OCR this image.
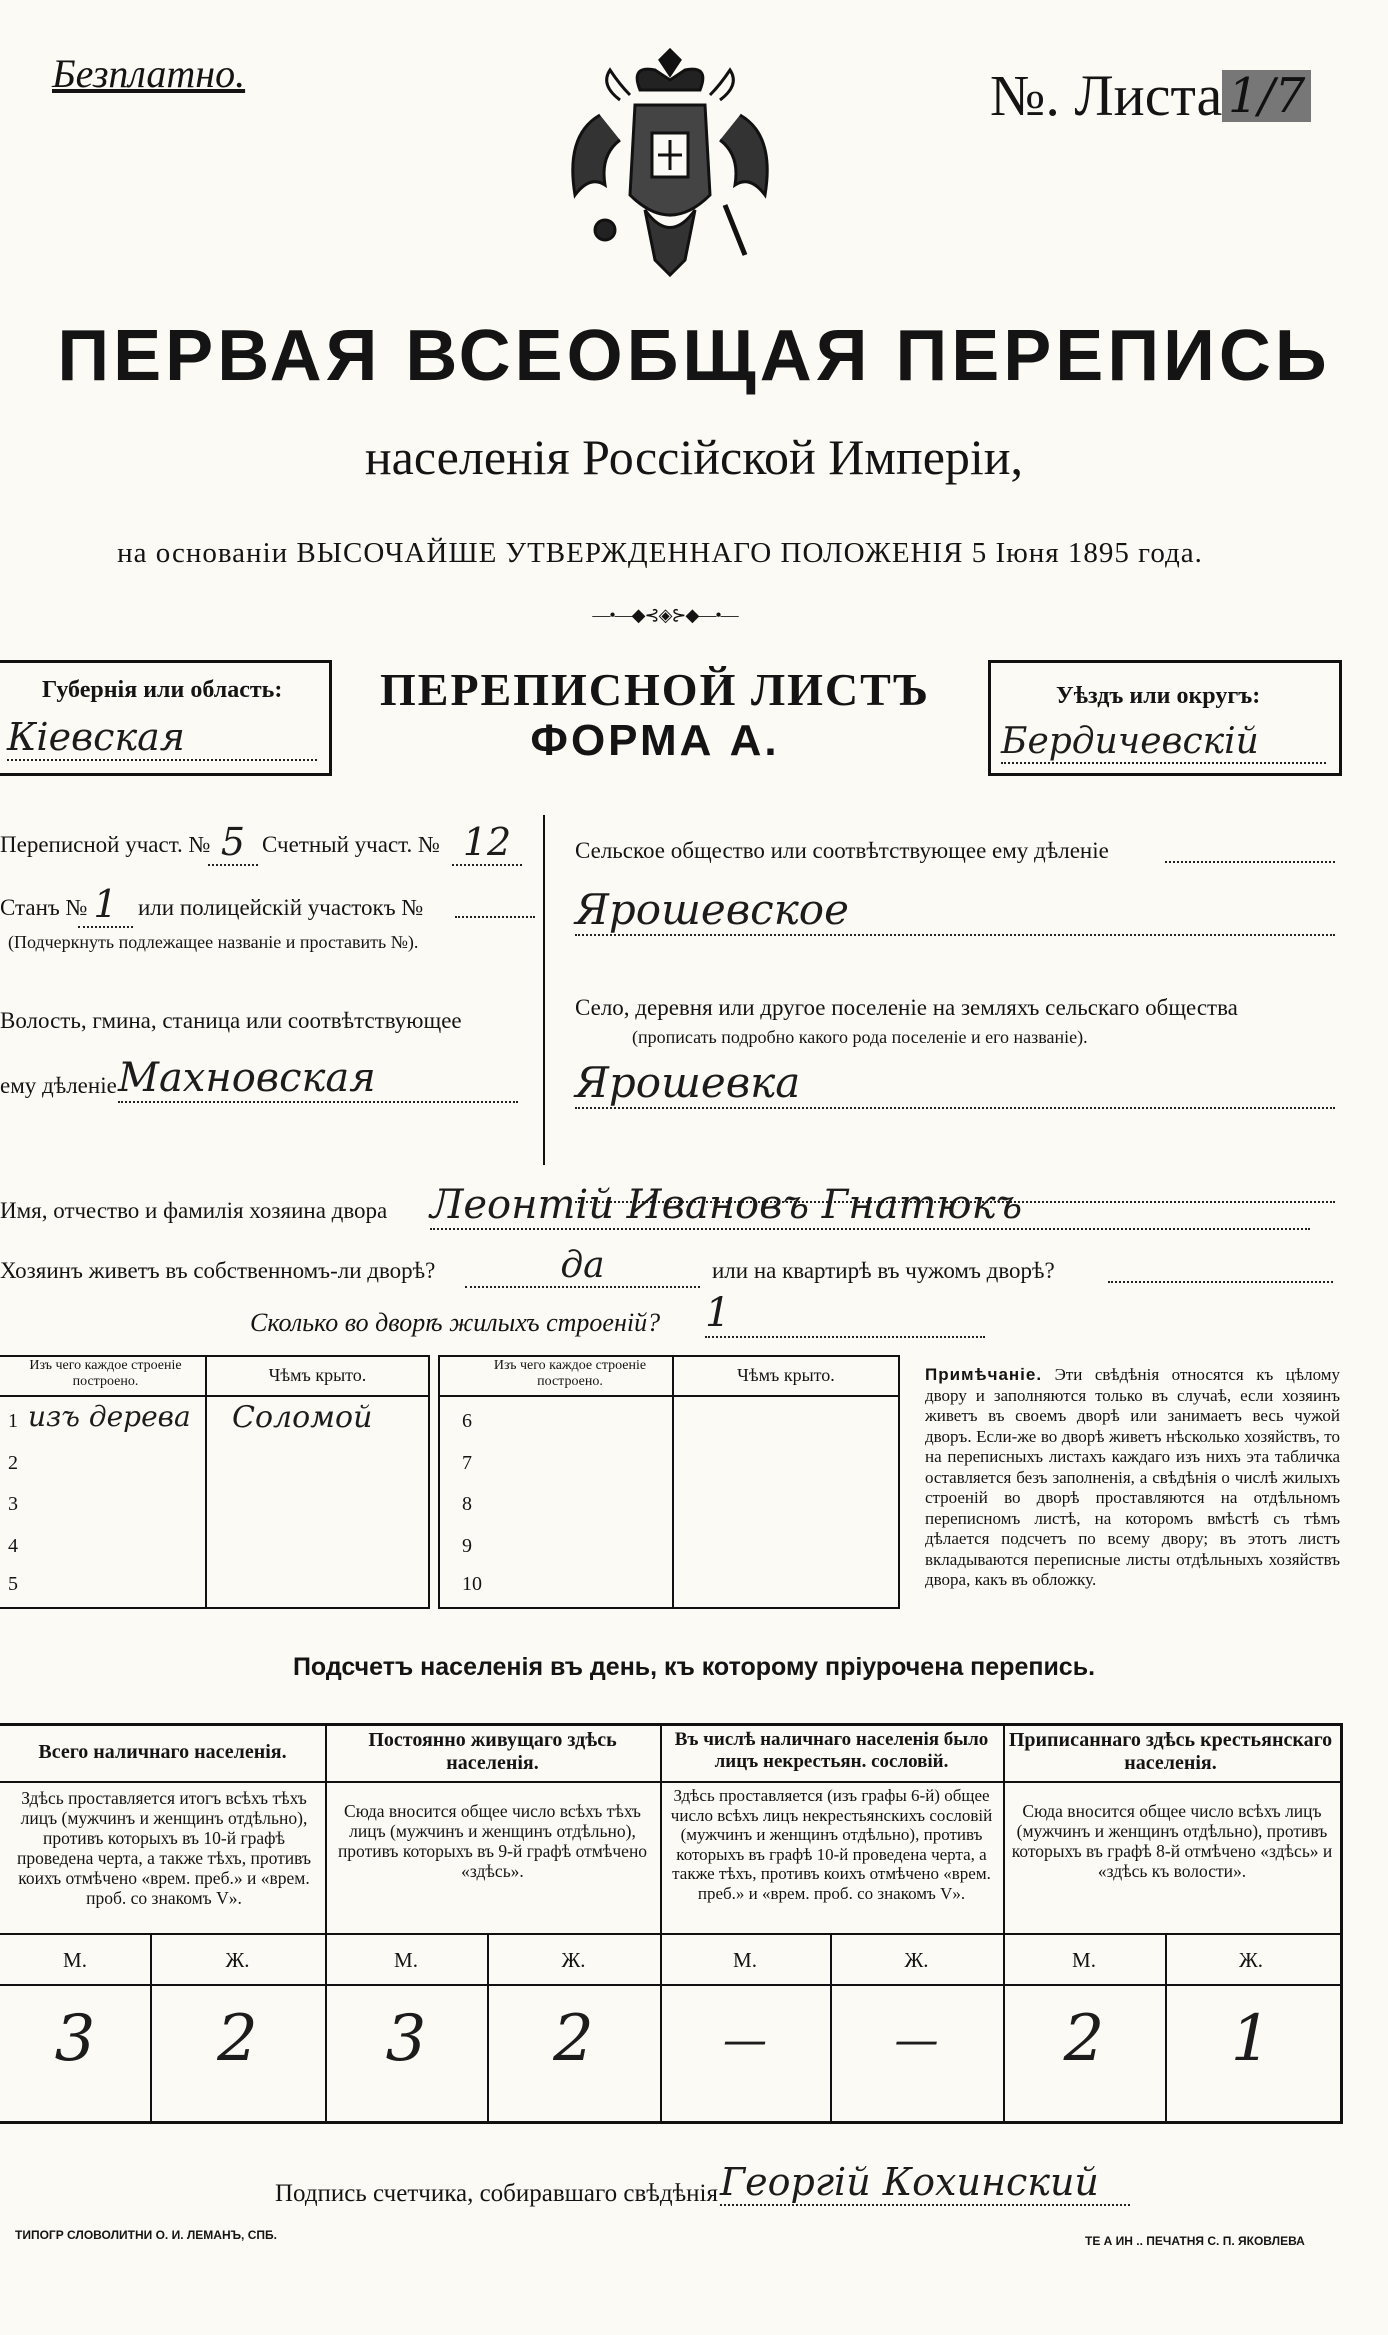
Безплатно.	№. Листа 1/7
ПЕРВАЯ ВСЕОБЩАЯ ПЕРЕПИСЬ
населенія Россійской Имперіи,
на основаніи ВЫСОЧАЙШЕ УТВЕРЖДЕННАГО ПОЛОЖЕНІЯ 5 Іюня 1895 года.
—•—◆⊰◈⊱◆—•—
Губернія или область:
Кіевская
ПЕРЕПИСНОЙ ЛИСТЪ
ФОРМА А.
Уѣздъ или округъ:
Бердичевскій
Переписной участ. № 5 Счетный участ. № 12
Станъ № 1 или полицейскій участокъ №
(Подчеркнуть подлежащее названіе и проставить №).
Волость, гмина, станица или соотвѣтствующее
ему дѣленіе Махновская
Сельское общество или соотвѣтствующее ему дѣленіе
Ярошевское
Село, деревня или другое поселеніе на земляхъ сельскаго общества
(прописать подробно какого рода поселеніе и его названіе).
Ярошевка
Имя, отчество и фамилія хозяина двора Леонтій Ивановъ Гнатюкъ
Хозяинъ живетъ въ собственномъ-ли дворѣ?	да	или на квартирѣ въ чужомъ дворѣ?
Сколько во дворѣ жилыхъ строеній? 1
Изъ чего каждое строеніе построено.	Чѣмъ крыто.
1 изъ дерева Соломой
2
3
4
5
Изъ чего каждое строеніе построено.	Чѣмъ крыто.
6
7
8
9
10
Примѣчаніе. Эти свѣдѣнія относятся къ цѣлому двору и заполняются только въ случаѣ, если хозяинъ живетъ въ своемъ дворѣ или занимаетъ весь чужой дворъ. Если-же во дворѣ живетъ нѣсколько хозяйствъ, то на переписныхъ листахъ каждаго изъ нихъ эта табличка оставляется безъ заполненія, а свѣдѣнія о числѣ жилыхъ строеній во дворѣ проставляются на отдѣльномъ переписномъ листѣ, на которомъ вмѣстѣ съ тѣмъ дѣлается подсчетъ по всему двору; въ этотъ листъ вкладываются переписные листы отдѣльныхъ хозяйствъ двора, какъ въ обложку.
Подсчетъ населенія въ день, къ которому пріурочена перепись.
Всего наличнаго населенія.
Здѣсь проставляется итогъ всѣхъ тѣхъ лицъ (мужчинъ и женщинъ отдѣльно), противъ которыхъ въ 10-й графѣ проведена черта, а также тѣхъ, противъ коихъ отмѣчено «врем. преб.» и «врем. проб. со знакомъ V».
М.	Ж.
3	2
Постоянно живущаго здѣсь населенія.
Сюда вносится общее число всѣхъ тѣхъ лицъ (мужчинъ и женщинъ отдѣльно), противъ которыхъ въ 9-й графѣ отмѣчено «здѣсь».
М.	Ж.
3	2
Въ числѣ наличнаго населенія было лицъ некрестьян. сословій.
Здѣсь проставляется (изъ графы 6-й) общее число всѣхъ лицъ некрестьянскихъ сословій (мужчинъ и женщинъ отдѣльно), противъ которыхъ въ графѣ 10-й проведена черта, а также тѣхъ, противъ коихъ отмѣчено «врем. преб.» и «врем. проб. со знакомъ V».
М.	Ж.
—	—
Приписаннаго здѣсь крестьянскаго населенія.
Сюда вносится общее число всѣхъ лицъ (мужчинъ и женщинъ отдѣльно), противъ которыхъ въ графѣ 8-й отмѣчено «здѣсь» и «здѣсь къ волости».
М.	Ж.
2	1
Подпись счетчика, собиравшаго свѣдѣнія Георгій Кохинский
ТИПОГР СЛОВОЛИТНИ О. И. ЛЕМАНЪ, СПБ.	ТЕ А ИН .. ПЕЧАТНЯ С. П. ЯКОВЛЕВА
